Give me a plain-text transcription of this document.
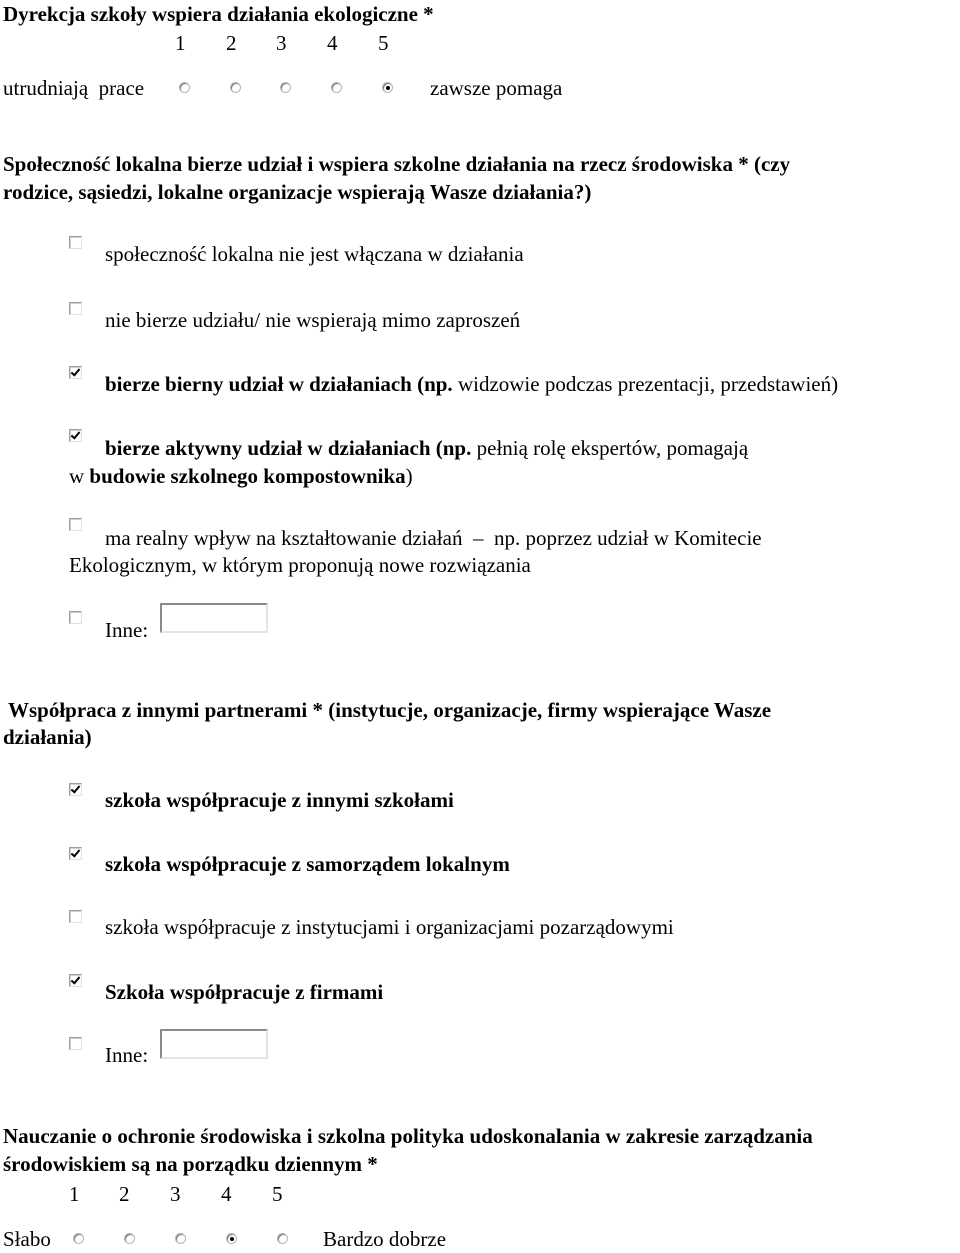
Dyrekcja szkoły wspiera działania ekologiczne *
1 2 3 4 5
utrudniają  prace	zawsze pomaga
Społeczność lokalna bierze udział i wspiera szkolne działania na rzecz środowiska * (czy
rodzice, sąsiedzi, lokalne organizacje wspierają Wasze działania?)
społeczność lokalna nie jest włączana w działania
nie bierze udziału/ nie wspierają mimo zaproszeń
bierze bierny udział w działaniach (np. widzowie podczas prezentacji, przedstawień)
bierze aktywny udział w działaniach (np. pełnią rolę ekspertów, pomagają
w budowie szkolnego kompostownika)
ma realny wpływ na kształtowanie działań  –  np. poprzez udział w Komitecie
Ekologicznym, w którym proponują nowe rozwiązania
Inne:
Współpraca z innymi partnerami * (instytucje, organizacje, firmy wspierające Wasze
działania)
szkoła współpracuje z innymi szkołami
szkoła współpracuje z samorządem lokalnym
szkoła współpracuje z instytucjami i organizacjami pozarządowymi
Szkoła współpracuje z firmami
Inne:
Nauczanie o ochronie środowiska i szkolna polityka udoskonalania w zakresie zarządzania
środowiskiem są na porządku dziennym *
1 2 3 4 5
Słabo	Bardzo dobrze
